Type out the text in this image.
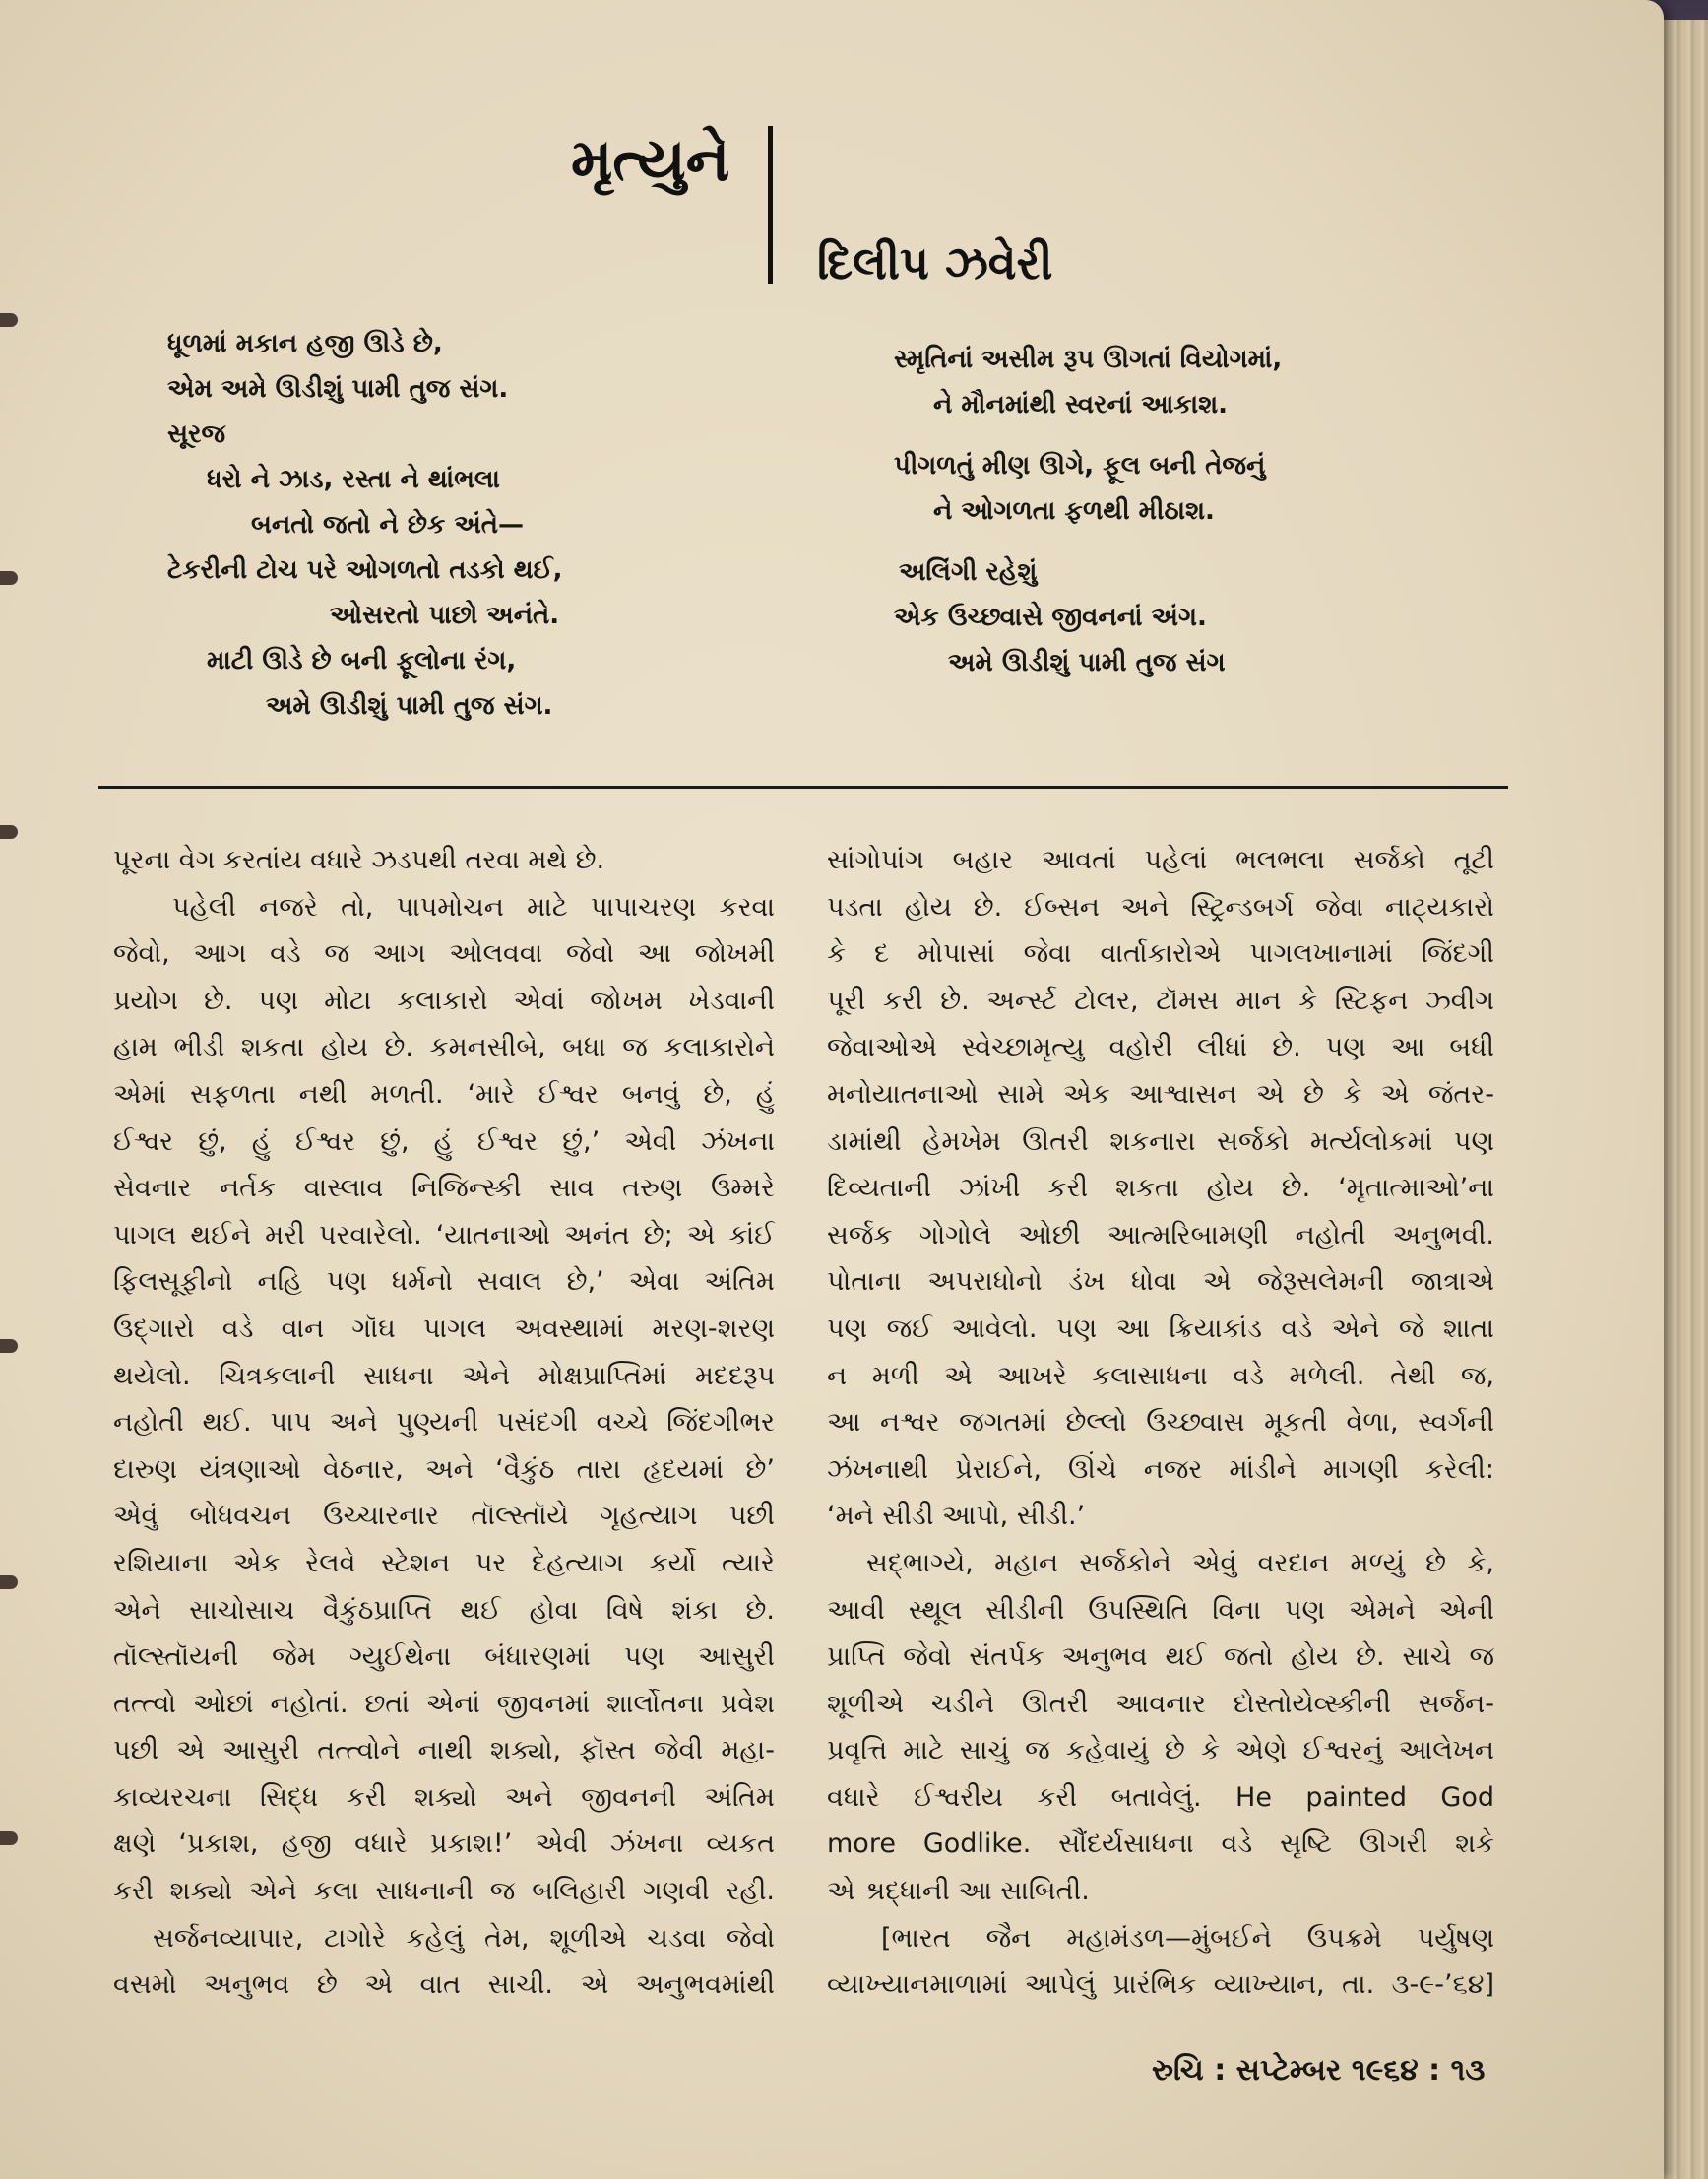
મૃત્યુને
દિલીપ ઝવેરી
ધૂળમાં મકાન હજી ઊડે છે,
એમ અમે ઊડીશું પામી તુજ સંગ.
સૂરજ
ધરો ને ઝાડ, રસ્તા ને થાંભલા
બનતો જતો ને છેક અંતે—
ટેકરીની ટોચ પરે ઓગળતો તડકો થઈ,
ઓસરતો પાછો અનંતે.
માટી ઊડે છે બની ફૂલોના રંગ,
અમે ઊડીશું પામી તુજ સંગ.
સ્મૃતિનાં અસીમ રૂપ ઊગતાં વિયોગમાં,
ને મૌનમાંથી સ્વરનાં આકાશ.
પીગળતું મીણ ઊગે, ફૂલ બની તેજનું
ને ઓગળતા ફળથી મીઠાશ.
અલિંગી રહેશું
એક ઉચ્છ્વાસે જીવનનાં અંગ.
અમે ઊડીશું પામી તુજ સંગ
પૂરના વેગ કરતાંય વધારે ઝડપથી તરવા મથે છે.
પહેલી નજરે તો, પાપમોચન માટે પાપાચરણ કરવા
જેવો, આગ વડે જ આગ ઓલવવા જેવો આ જોખમી
પ્રયોગ છે. પણ મોટા કલાકારો એવાં જોખમ ખેડવાની
હામ ભીડી શકતા હોય છે. કમનસીબે, બધા જ કલાકારોને
એમાં સફળતા નથી મળતી. ‘મારે ઈશ્વર બનવું છે, હું
ઈશ્વર છું, હું ઈશ્વર છું, હું ઈશ્વર છું,’ એવી ઝંખના
સેવનાર નર્તક વાસ્લાવ નિજિન્સ્કી સાવ તરુણ ઉમ્મરે
પાગલ થઈને મરી પરવારેલો. ‘યાતનાઓ અનંત છે; એ કાંઈ
ફિલસૂફીનો નહિ પણ ધર્મનો સવાલ છે,’ એવા અંતિમ
ઉદ્‌ગારો વડે વાન ગૉઘ પાગલ અવસ્થામાં મરણ-શરણ
થયેલો. ચિત્રકલાની સાધના એને મોક્ષપ્રાપ્તિમાં મદદરૂપ
નહોતી થઈ. પાપ અને પુણ્યની પસંદગી વચ્ચે જિંદગીભર
દારુણ યંત્રણાઓ વેઠનાર, અને ‘વૈકુંઠ તારા હૃદયમાં છે’
એવું બોધવચન ઉચ્ચારનાર તૉલ્સ્તૉયે ગૃહત્યાગ પછી
રશિયાના એક રેલવે સ્ટેશન પર દેહત્યાગ કર્યો ત્યારે
એને સાચોસાચ વૈકુંઠપ્રાપ્તિ થઈ હોવા વિષે શંકા છે.
તૉલ્સ્તૉયની જેમ ગ્યુઈથેના બંધારણમાં પણ આસુરી
તત્ત્વો ઓછાં નહોતાં. છતાં એનાં જીવનમાં શાર્લોતના પ્રવેશ
પછી એ આસુરી તત્ત્વોને નાથી શક્યો, ફૉસ્ત જેવી મહા-
કાવ્યરચના સિદ્ધ કરી શક્યો અને જીવનની અંતિમ
ક્ષણે ‘પ્રકાશ, હજી વધારે પ્રકાશ!’ એવી ઝંખના વ્યકત
કરી શક્યો એને કલા સાધનાની જ બલિહારી ગણવી રહી.
સર્જનવ્યાપાર, ટાગોરે કહેલું તેમ, શૂળીએ ચડવા જેવો
વસમો અનુભવ છે એ વાત સાચી. એ અનુભવમાંથી
સાંગોપાંગ બહાર આવતાં પહેલાં ભલભલા સર્જકો તૂટી
પડતા હોય છે. ઈબ્સન અને સ્ટ્રિન્ડબર્ગ જેવા નાટ્યકારો
કે દ મોપાસાં જેવા વાર્તાકારોએ પાગલખાનામાં જિંદગી
પૂરી કરી છે. અર્ન્સ્ટ ટોલર, ટૉમસ માન કે સ્ટિફન ઝ્વીગ
જેવાઓએ સ્વેચ્છામૃત્યુ વહોરી લીધાં છે. પણ આ બધી
મનોયાતનાઓ સામે એક આશ્વાસન એ છે કે એ જંતર-
ડામાંથી હેમખેમ ઊતરી શકનારા સર્જકો મર્ત્યલોકમાં પણ
દિવ્યતાની ઝાંખી કરી શકતા હોય છે. ‘મૃતાત્માઓ’ના
સર્જક ગોગોલે ઓછી આત્મરિબામણી નહોતી અનુભવી.
પોતાના અપરાધોનો ડંખ ધોવા એ જેરૂસલેમની જાત્રાએ
પણ જઈ આવેલો. પણ આ ક્રિયાકાંડ વડે એને જે શાતા
ન મળી એ આખરે કલાસાધના વડે મળેલી. તેથી જ,
આ નશ્વર જગતમાં છેલ્લો ઉચ્છ્વાસ મૂકતી વેળા, સ્વર્ગની
ઝંખનાથી પ્રેરાઈને, ઊંચે નજર માંડીને માગણી કરેલી:
‘મને સીડી આપો, સીડી.’
સદ્‌ભાગ્યે, મહાન સર્જકોને એવું વરદાન મળ્યું છે કે,
આવી સ્થૂલ સીડીની ઉપસ્થિતિ વિના પણ એમને એની
પ્રાપ્તિ જેવો સંતર્પક અનુભવ થઈ જતો હોય છે. સાચે જ
શૂળીએ ચડીને ઊતરી આવનાર દોસ્તોયેવ્સ્કીની સર્જન-
પ્રવૃત્તિ માટે સાચું જ કહેવાયું છે કે એણે ઈશ્વરનું આલેખન
વધારે ઈશ્વરીય કરી બતાવેલું. He painted God
more Godlike. સૌંદર્યસાધના વડે સૃષ્ટિ ઊગરી શકે
એ શ્રદ્ધાની આ સાબિતી.
[ભારત જૈન મહામંડળ—મુંબઈને ઉપક્રમે પર્યુષણ
વ્યાખ્યાનમાળામાં આપેલું પ્રારંભિક વ્યાખ્યાન, તા. ૩-૯-’૬૪]
રુચિ : સપ્ટેમ્બર ૧૯૬૪ : ૧૩
